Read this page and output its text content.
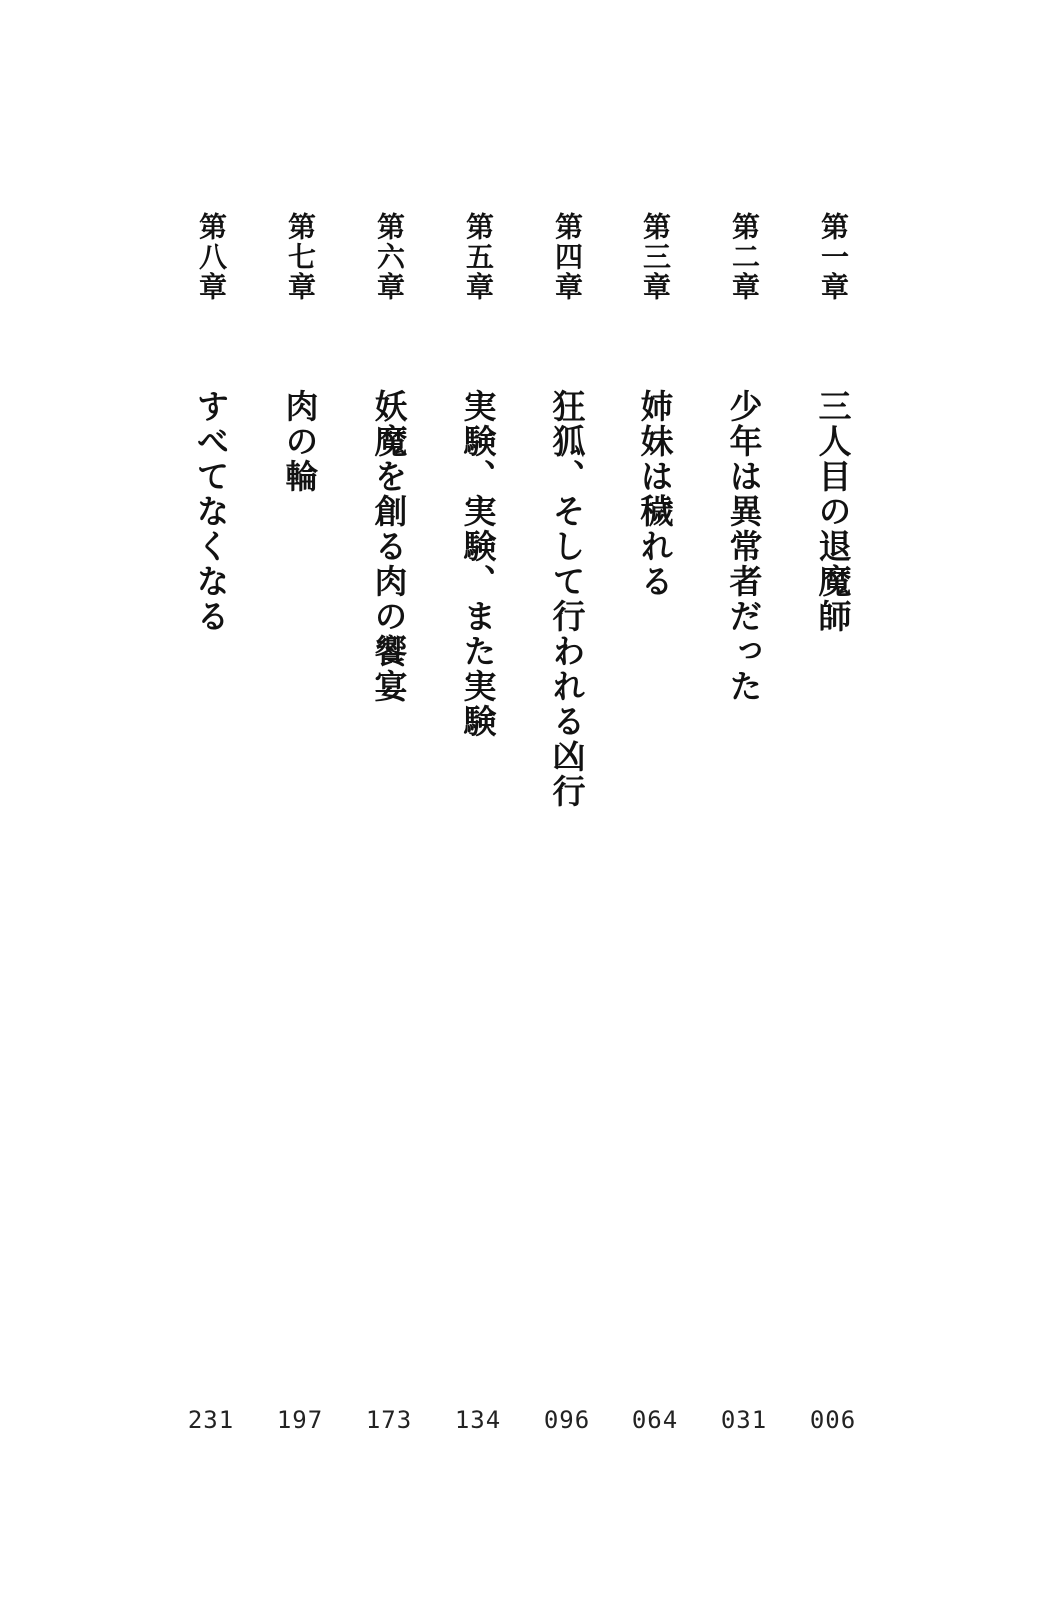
第一章
三人目の退魔師
006
第二章
少年は異常者だった
031
第三章
姉妹は穢れる
064
第四章
狂狐、そして行われる凶行
096
第五章
実験、実験、また実験
134
第六章
妖魔を創る肉の饗宴
173
第七章
肉の輪
197
第八章
すべてなくなる
231
